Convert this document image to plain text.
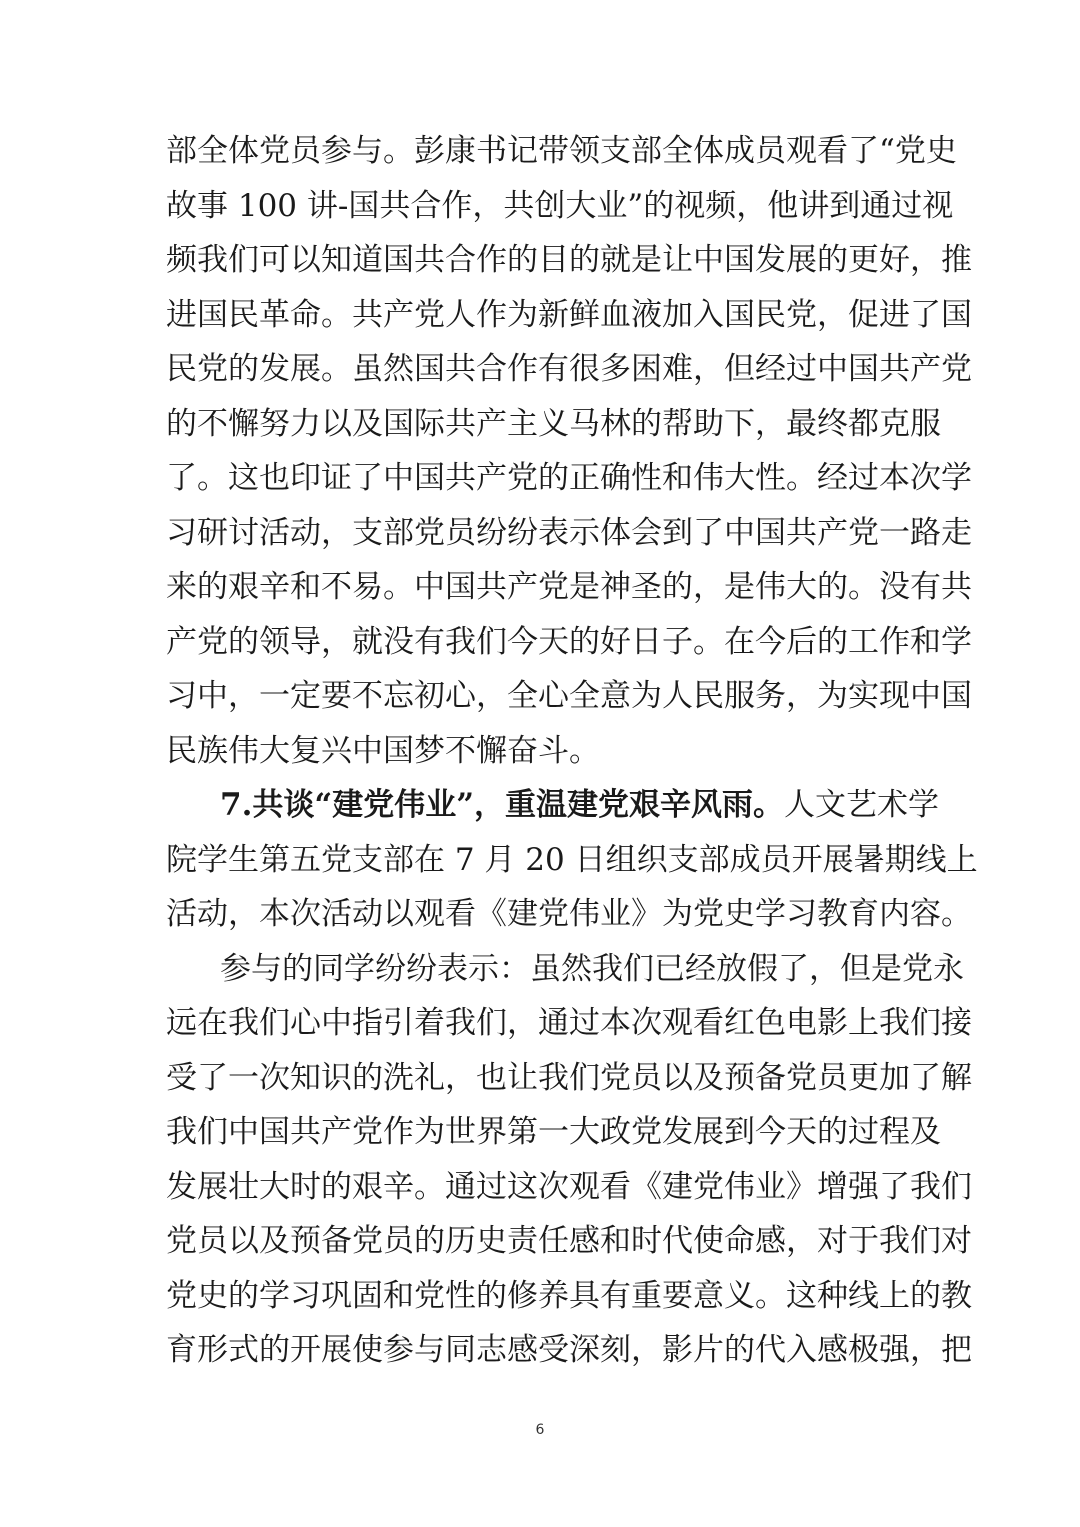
部全体党员参与。彭康书记带领支部全体成员观看了“党史
故事 100 讲-国共合作，共创大业”的视频，他讲到通过视
频我们可以知道国共合作的目的就是让中国发展的更好，推
进国民革命。共产党人作为新鲜血液加入国民党，促进了国
民党的发展。虽然国共合作有很多困难，但经过中国共产党
的不懈努力以及国际共产主义马林的帮助下，最终都克服
了。这也印证了中国共产党的正确性和伟大性。经过本次学
习研讨活动，支部党员纷纷表示体会到了中国共产党一路走
来的艰辛和不易。中国共产党是神圣的，是伟大的。没有共
产党的领导，就没有我们今天的好日子。在今后的工作和学
习中，一定要不忘初心，全心全意为人民服务，为实现中国
民族伟大复兴中国梦不懈奋斗。
7.共谈“建党伟业”，重温建党艰辛风雨。人文艺术学
院学生第五党支部在 7 月 20 日组织支部成员开展暑期线上
活动，本次活动以观看《建党伟业》为党史学习教育内容。
参与的同学纷纷表示：虽然我们已经放假了，但是党永
远在我们心中指引着我们，通过本次观看红色电影上我们接
受了一次知识的洗礼，也让我们党员以及预备党员更加了解
我们中国共产党作为世界第一大政党发展到今天的过程及
发展壮大时的艰辛。通过这次观看《建党伟业》增强了我们
党员以及预备党员的历史责任感和时代使命感，对于我们对
党史的学习巩固和党性的修养具有重要意义。这种线上的教
育形式的开展使参与同志感受深刻，影片的代入感极强，把
6
